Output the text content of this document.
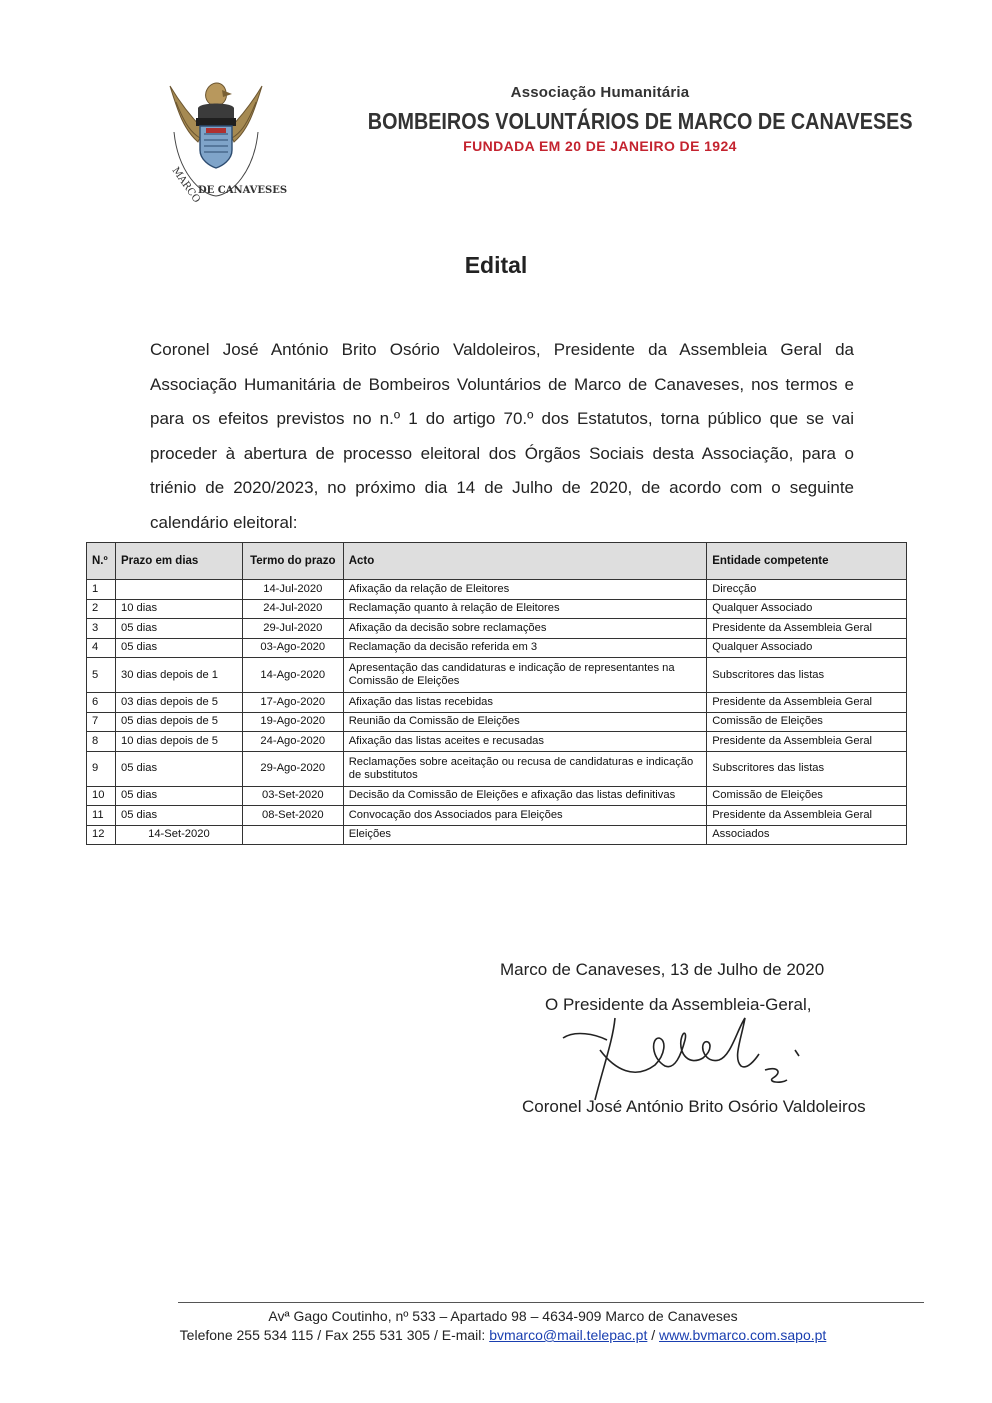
MARCO
DE CANAVESES
Associação Humanitária
BOMBEIROS VOLUNTÁRIOS DE MARCO DE CANAVESES
FUNDADA EM 20 DE JANEIRO DE 1924
Edital
Coronel José António Brito Osório Valdoleiros, Presidente da Assembleia Geral da Associação Humanitária de Bombeiros Voluntários de Marco de Canaveses, nos termos e para os efeitos previstos no n.º 1 do artigo 70.º dos Estatutos, torna público que se vai proceder à abertura de processo eleitoral dos Órgãos Sociais desta Associação, para o triénio de 2020/2023, no próximo dia 14 de Julho de 2020, de acordo com o seguinte calendário eleitoral:
N.º	Prazo em dias	Termo do prazo	Acto	Entidade competente
1		14-Jul-2020	Afixação da relação de Eleitores	Direcção
2	10 dias	24-Jul-2020	Reclamação quanto à relação de Eleitores	Qualquer Associado
3	05 dias	29-Jul-2020	Afixação da decisão sobre reclamações	Presidente da Assembleia Geral
4	05 dias	03-Ago-2020	Reclamação da decisão referida em 3	Qualquer Associado
5	30 dias depois de 1	14-Ago-2020	Apresentação das candidaturas e indicação de representantes na Comissão de Eleições	Subscritores das listas
6	03 dias depois de 5	17-Ago-2020	Afixação das listas recebidas	Presidente da Assembleia Geral
7	05 dias depois de 5	19-Ago-2020	Reunião da Comissão de Eleições	Comissão de Eleições
8	10 dias depois de 5	24-Ago-2020	Afixação das listas aceites e recusadas	Presidente da Assembleia Geral
9	05 dias	29-Ago-2020	Reclamações sobre aceitação ou recusa de candidaturas e indicação de substitutos	Subscritores das listas
10	05 dias	03-Set-2020	Decisão da Comissão de Eleições e afixação das listas definitivas	Comissão de Eleições
11	05 dias	08-Set-2020	Convocação dos Associados para Eleições	Presidente da Assembleia Geral
12	14-Set-2020		Eleições	Associados
Marco de Canaveses, 13 de Julho de 2020
O Presidente da Assembleia-Geral,
Coronel José António Brito Osório Valdoleiros
Avª Gago Coutinho, nº 533 – Apartado 98 – 4634-909 Marco de Canaveses
Telefone 255 534 115 / Fax 255 531 305 / E-mail: bvmarco@mail.telepac.pt / www.bvmarco.com.sapo.pt
